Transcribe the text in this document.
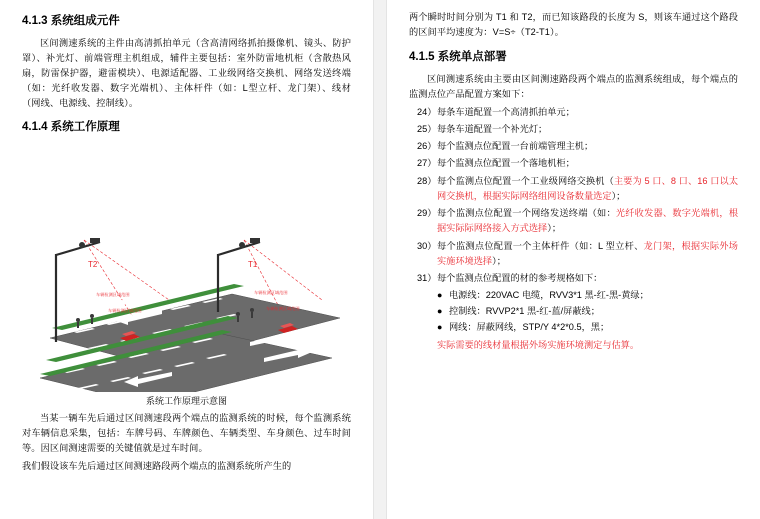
4.1.3 系统组成元件

区间测速系统的主件由高清抓拍单元（含高清网络抓拍摄像机、镜头、防护罩）、补光灯、前端管理主机组成，辅件主要包括：室外防雷地机柜（含散热风扇，防雷保护器，避雷模块）、电源适配器、工业级网络交换机、网络发送终端（如：光纤收发器、数字光端机）、主体杆件（如：L型立杆、龙门架）、线材（网线、电源线、控制线）。

4.1.4 系统工作原理
T2	T1
车辆检测区域范围
车辆检测区域范围
车辆检测区域范围
车辆检测区域范围
系统工作原理示意图

当某一辆车先后通过区间测速段两个端点的监测系统的时候，每个监测系统对车辆信息采集，包括：车牌号码、车牌颜色、车辆类型、车身颜色、过车时间等。因区间测速需要的关键值就是过车时间。

我们假设该车先后通过区间测速路段两个端点的监测系统所产生的

两个瞬时时间分别为 T1 和 T2，而已知该路段的长度为 S，则该车通过这个路段的区间平均速度为：V=S÷（T2-T1）。

4.1.5 系统单点部署

区间测速系统由主要由区间测速路段两个端点的监测系统组成，每个端点的监测点位产品配置方案如下：

24） 每条车道配置一个高清抓拍单元；
25） 每条车道配置一个补光灯；
26） 每个监测点位配置一台前端管理主机；
27） 每个监测点位配置一个落地机柜；
28） 每个监测点位配置一个工业级网络交换机（主要为 5 口、8 口、16 口以太网交换机，根据实际网络组网设备数量选定）；
29） 每个监测点位配置一个网络发送终端（如：光纤收发器、数字光端机，根据实际际网络接入方式选择）；
30） 每个监测点位配置一个主体杆件（如：L 型立杆、龙门架，根据实际外场实施环境选择）；
31） 每个监测点位配置的材的参考规格如下：
● 电源线：220VAC 电缆，RVV3*1 黑-红-黑-黄绿；
● 控制线：RVVP2*1 黑-红-蓝/屏蔽线；
● 网线：屏蔽网线，STP/Y 4*2*0.5，黑；
实际需要的线材量根据外场实施环境测定与估算。
